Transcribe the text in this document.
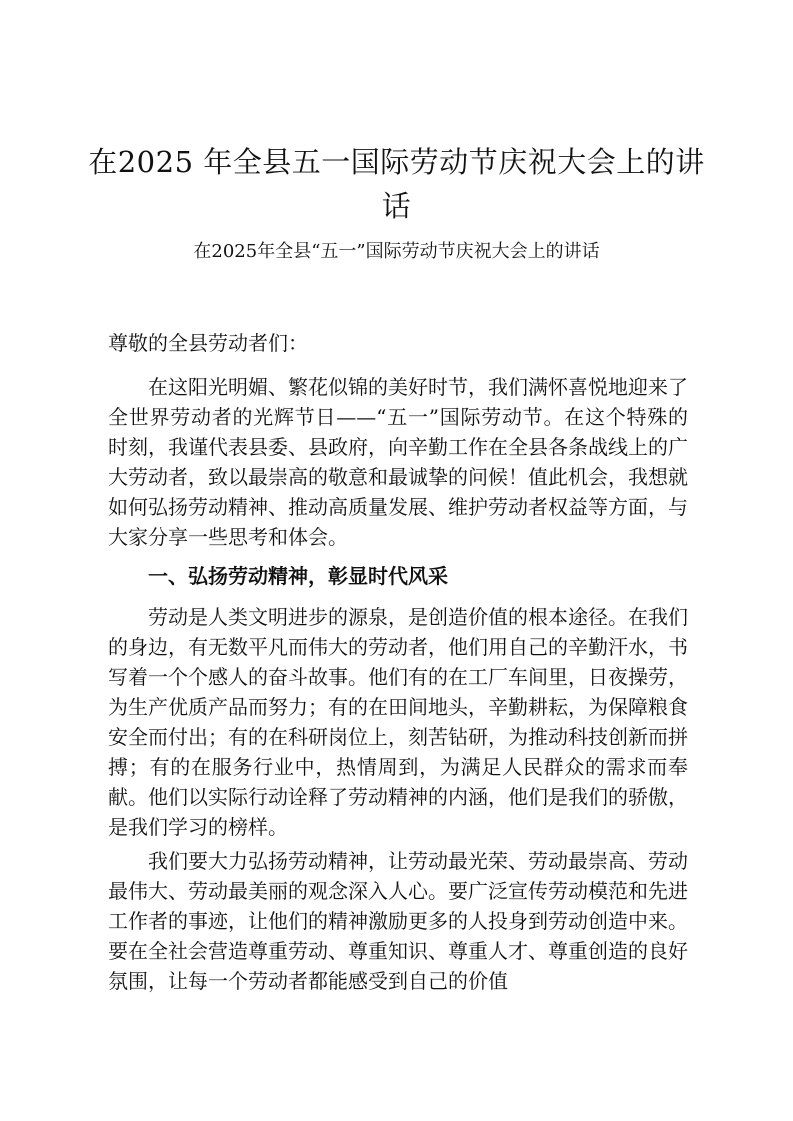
在2025 年全县五一国际劳动节庆祝大会上的讲话

在2025年全县“五一”国际劳动节庆祝大会上的讲话

尊敬的全县劳动者们：

在这阳光明媚、繁花似锦的美好时节，我们满怀喜悦地迎来了全世界劳动者的光辉节日——“五一”国际劳动节。在这个特殊的时刻，我谨代表县委、县政府，向辛勤工作在全县各条战线上的广大劳动者，致以最崇高的敬意和最诚挚的问候！值此机会，我想就如何弘扬劳动精神、推动高质量发展、维护劳动者权益等方面，与大家分享一些思考和体会。

一、弘扬劳动精神，彰显时代风采

劳动是人类文明进步的源泉，是创造价值的根本途径。在我们的身边，有无数平凡而伟大的劳动者，他们用自己的辛勤汗水，书写着一个个感人的奋斗故事。他们有的在工厂车间里，日夜操劳，为生产优质产品而努力；有的在田间地头，辛勤耕耘，为保障粮食安全而付出；有的在科研岗位上，刻苦钻研，为推动科技创新而拼搏；有的在服务行业中，热情周到，为满足人民群众的需求而奉献。他们以实际行动诠释了劳动精神的内涵，他们是我们的骄傲，是我们学习的榜样。

我们要大力弘扬劳动精神，让劳动最光荣、劳动最崇高、劳动最伟大、劳动最美丽的观念深入人心。要广泛宣传劳动模范和先进工作者的事迹，让他们的精神激励更多的人投身到劳动创造中来。要在全社会营造尊重劳动、尊重知识、尊重人才、尊重创造的良好氛围，让每一个劳动者都能感受到自己的价值
